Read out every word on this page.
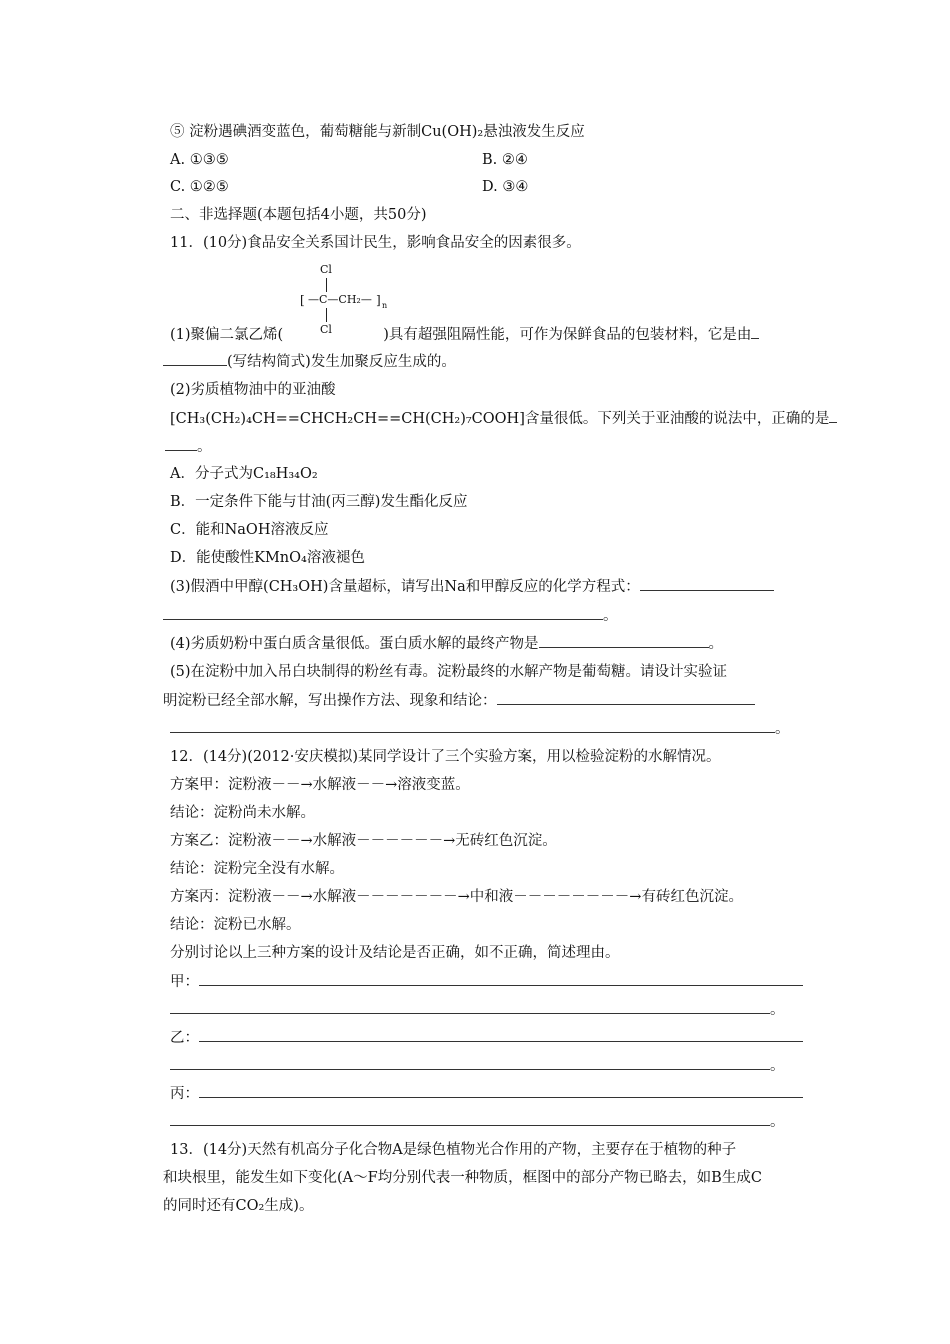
⑤ 淀粉遇碘酒变蓝色，葡萄糖能与新制Cu(OH)₂悬浊液发生反应
A. ①③⑤	B. ②④
C. ①②⑤	D. ③④
二、非选择题(本题包括4小题，共50分)
11．(10分)食品安全关系国计民生，影响食品安全的因素很多。
Cl
[ —C—CH₂— ] n
Cl
(1)聚偏二氯乙烯(	)具有超强阻隔性能，可作为保鲜食品的包装材料，它是由
(写结构简式)发生加聚反应生成的。
(2)劣质植物油中的亚油酸
[CH₃(CH₂)₄CH==CHCH₂CH==CH(CH₂)₇COOH]含量很低。下列关于亚油酸的说法中，正确的是
。
A．分子式为C₁₈H₃₄O₂
B．一定条件下能与甘油(丙三醇)发生酯化反应
C．能和NaOH溶液反应
D．能使酸性KMnO₄溶液褪色
(3)假酒中甲醇(CH₃OH)含量超标，请写出Na和甲醇反应的化学方程式：
。
(4)劣质奶粉中蛋白质含量很低。蛋白质水解的最终产物是	。
(5)在淀粉中加入吊白块制得的粉丝有毒。淀粉最终的水解产物是葡萄糖。请设计实验证
明淀粉已经全部水解，写出操作方法、现象和结论：
。
12．(14分)(2012·安庆模拟)某同学设计了三个实验方案，用以检验淀粉的水解情况。
方案甲：淀粉液－－→水解液－－→溶液变蓝。
结论：淀粉尚未水解。
方案乙：淀粉液－－→水解液－－－－－－→无砖红色沉淀。
结论：淀粉完全没有水解。
方案丙：淀粉液－－→水解液－－－－－－－→中和液－－－－－－－－→有砖红色沉淀。
结论：淀粉已水解。
分别讨论以上三种方案的设计及结论是否正确，如不正确，简述理由。
甲：
。
乙：
。
丙：
。
13．(14分)天然有机高分子化合物A是绿色植物光合作用的产物，主要存在于植物的种子
和块根里，能发生如下变化(A～F均分别代表一种物质，框图中的部分产物已略去，如B生成C
的同时还有CO₂生成)。
